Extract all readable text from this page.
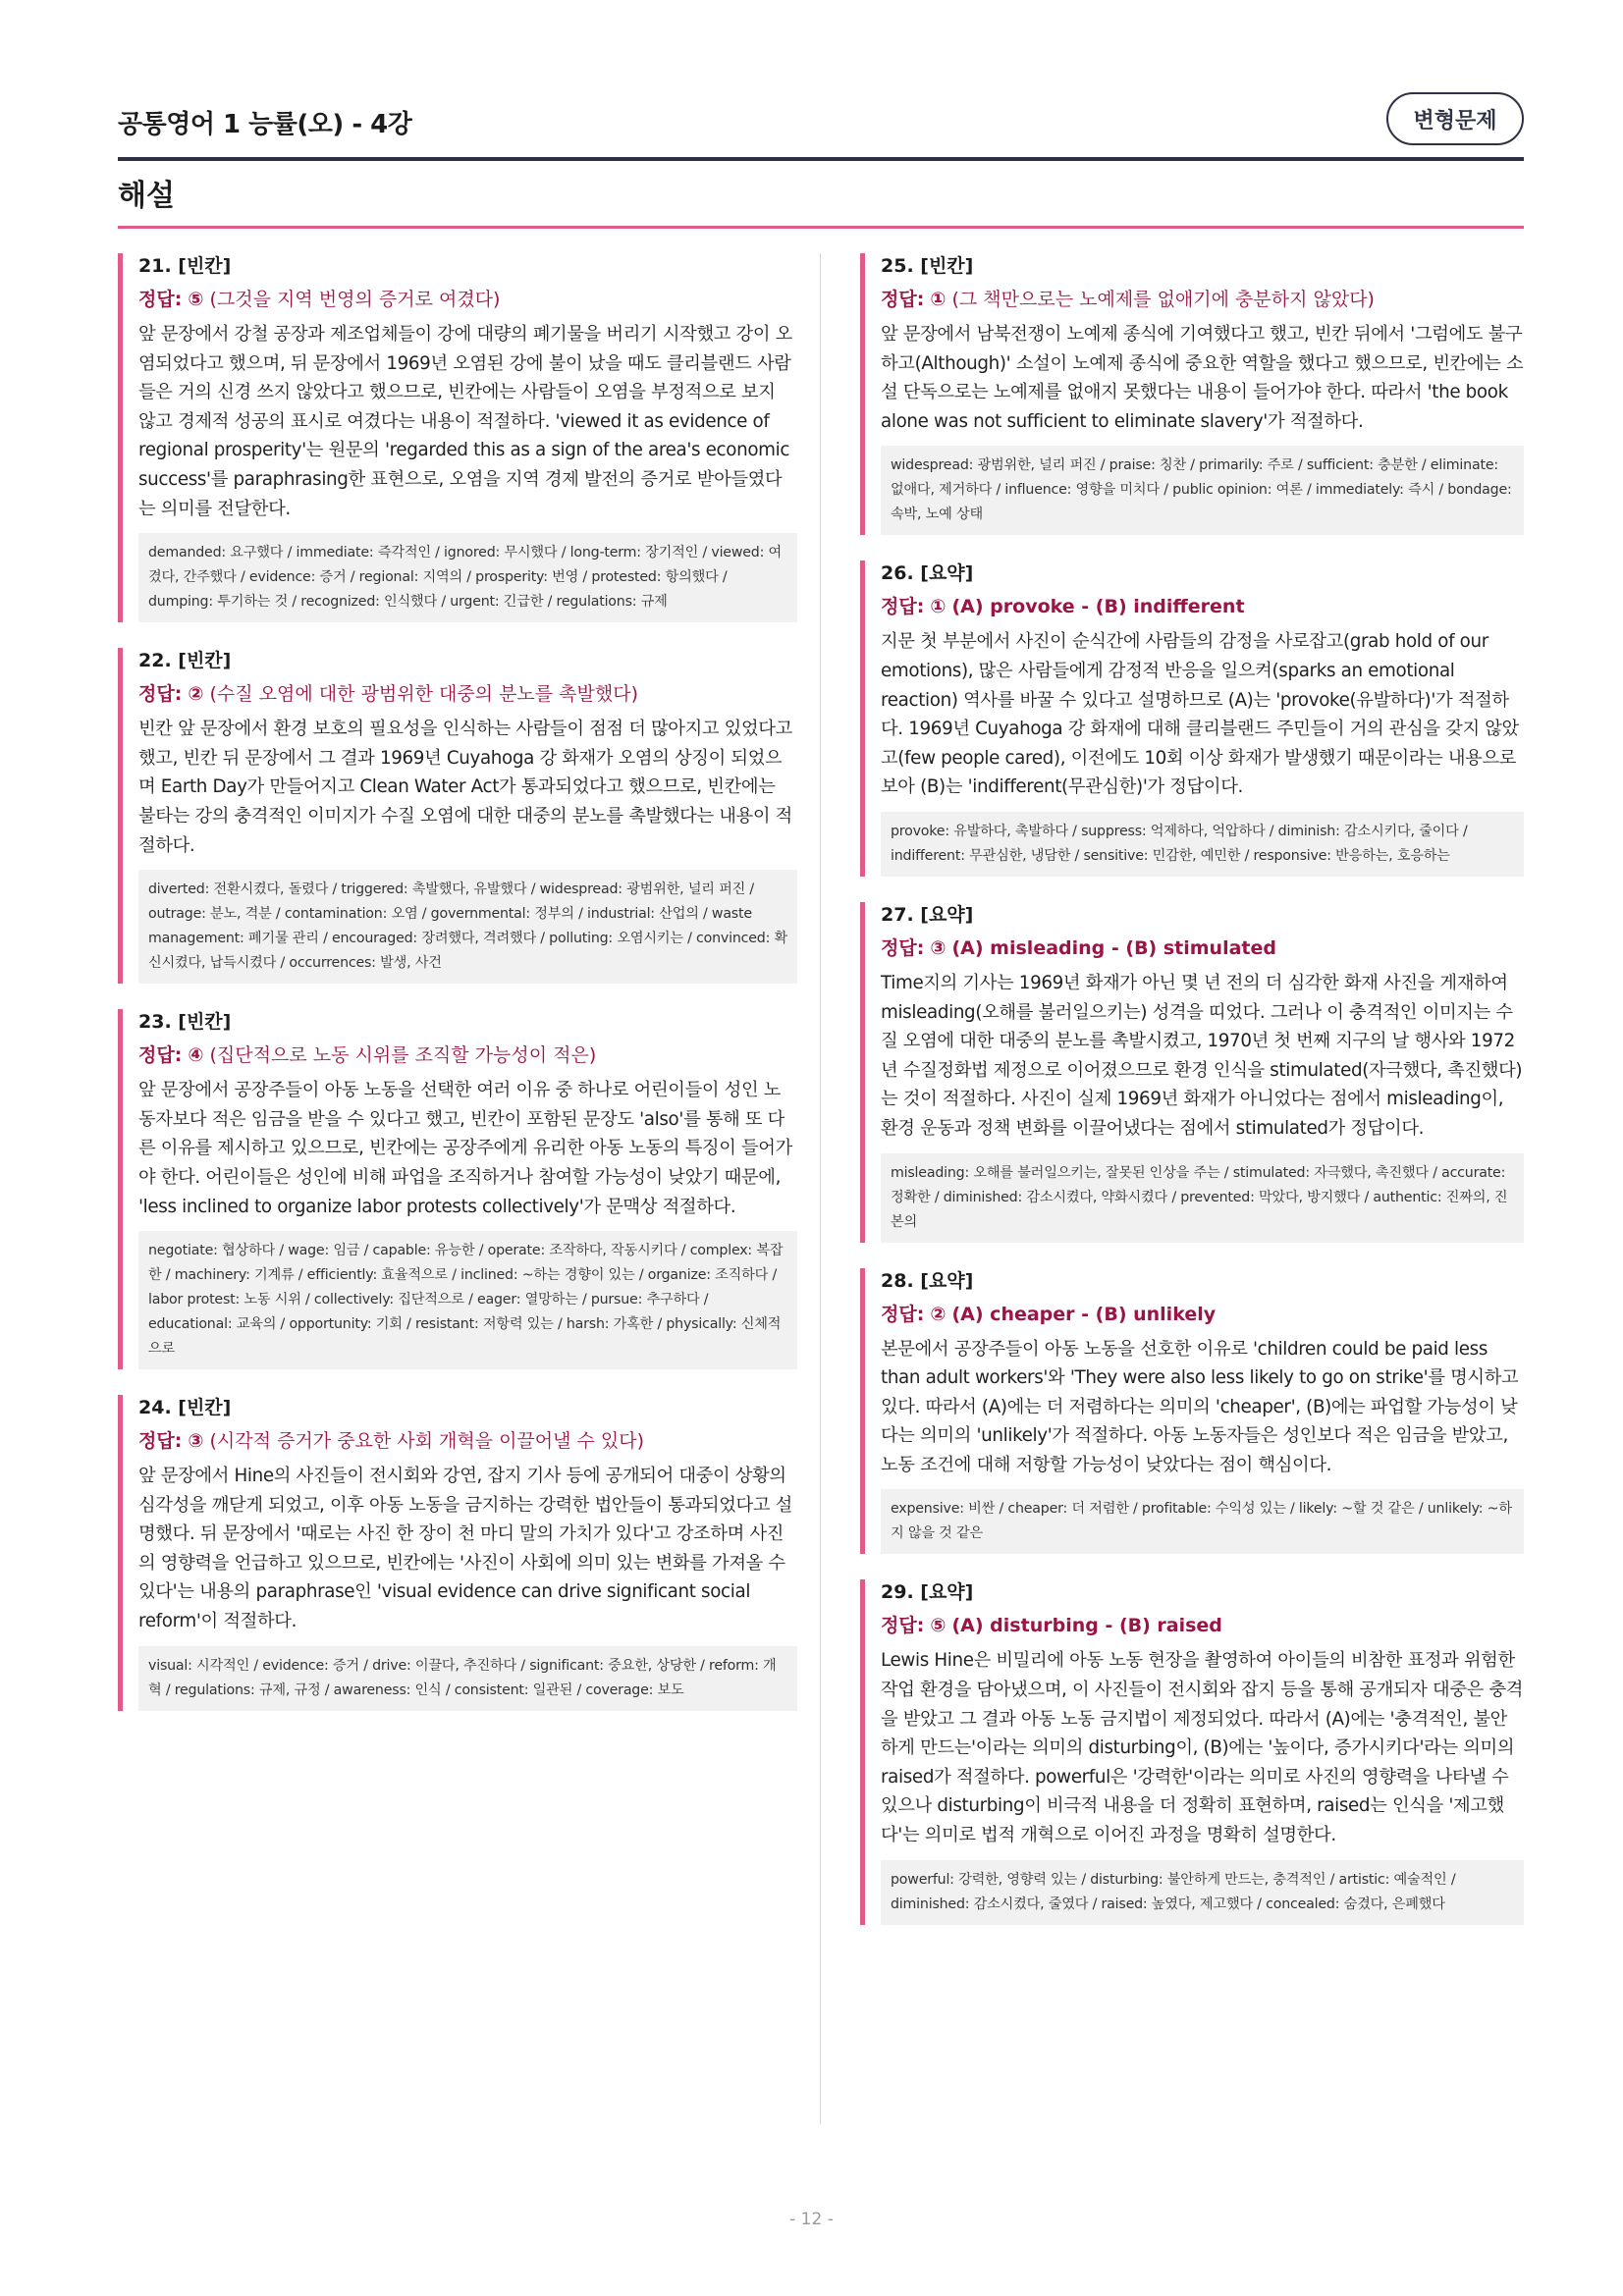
공통영어 1 능률(오) - 4강	변형문제
해설
21. [빈칸]
정답: ⑤ (그것을 지역 번영의 증거로 여겼다)

앞 문장에서 강철 공장과 제조업체들이 강에 대량의 폐기물을 버리기 시작했고 강이 오염되었다고 했으며, 뒤 문장에서 1969년 오염된 강에 불이 났을 때도 클리블랜드 사람들은 거의 신경 쓰지 않았다고 했으므로, 빈칸에는 사람들이 오염을 부정적으로 보지 않고 경제적 성공의 표시로 여겼다는 내용이 적절하다. 'viewed it as evidence of regional prosperity'는 원문의 'regarded this as a sign of the area's economic success'를 paraphrasing한 표현으로, 오염을 지역 경제 발전의 증거로 받아들였다는 의미를 전달한다.

demanded: 요구했다 / immediate: 즉각적인 / ignored: 무시했다 / long-term: 장기적인 / viewed: 여겼다, 간주했다 / evidence: 증거 / regional: 지역의 / prosperity: 번영 / protested: 항의했다 / dumping: 투기하는 것 / recognized: 인식했다 / urgent: 긴급한 / regulations: 규제
22. [빈칸]
정답: ② (수질 오염에 대한 광범위한 대중의 분노를 촉발했다)

빈칸 앞 문장에서 환경 보호의 필요성을 인식하는 사람들이 점점 더 많아지고 있었다고 했고, 빈칸 뒤 문장에서 그 결과 1969년 Cuyahoga 강 화재가 오염의 상징이 되었으며 Earth Day가 만들어지고 Clean Water Act가 통과되었다고 했으므로, 빈칸에는 불타는 강의 충격적인 이미지가 수질 오염에 대한 대중의 분노를 촉발했다는 내용이 적절하다.

diverted: 전환시켰다, 돌렸다 / triggered: 촉발했다, 유발했다 / widespread: 광범위한, 널리 퍼진 / outrage: 분노, 격분 / contamination: 오염 / governmental: 정부의 / industrial: 산업의 / waste management: 폐기물 관리 / encouraged: 장려했다, 격려했다 / polluting: 오염시키는 / convinced: 확신시켰다, 납득시켰다 / occurrences: 발생, 사건
23. [빈칸]
정답: ④ (집단적으로 노동 시위를 조직할 가능성이 적은)

앞 문장에서 공장주들이 아동 노동을 선택한 여러 이유 중 하나로 어린이들이 성인 노동자보다 적은 임금을 받을 수 있다고 했고, 빈칸이 포함된 문장도 'also'를 통해 또 다른 이유를 제시하고 있으므로, 빈칸에는 공장주에게 유리한 아동 노동의 특징이 들어가야 한다. 어린이들은 성인에 비해 파업을 조직하거나 참여할 가능성이 낮았기 때문에, 'less inclined to organize labor protests collectively'가 문맥상 적절하다.

negotiate: 협상하다 / wage: 임금 / capable: 유능한 / operate: 조작하다, 작동시키다 / complex: 복잡한 / machinery: 기계류 / efficiently: 효율적으로 / inclined: ~하는 경향이 있는 / organize: 조직하다 / labor protest: 노동 시위 / collectively: 집단적으로 / eager: 열망하는 / pursue: 추구하다 / educational: 교육의 / opportunity: 기회 / resistant: 저항력 있는 / harsh: 가혹한 / physically: 신체적으로
24. [빈칸]
정답: ③ (시각적 증거가 중요한 사회 개혁을 이끌어낼 수 있다)

앞 문장에서 Hine의 사진들이 전시회와 강연, 잡지 기사 등에 공개되어 대중이 상황의 심각성을 깨닫게 되었고, 이후 아동 노동을 금지하는 강력한 법안들이 통과되었다고 설명했다. 뒤 문장에서 '때로는 사진 한 장이 천 마디 말의 가치가 있다'고 강조하며 사진의 영향력을 언급하고 있으므로, 빈칸에는 '사진이 사회에 의미 있는 변화를 가져올 수 있다'는 내용의 paraphrase인 'visual evidence can drive significant social reform'이 적절하다.

visual: 시각적인 / evidence: 증거 / drive: 이끌다, 추진하다 / significant: 중요한, 상당한 / reform: 개혁 / regulations: 규제, 규정 / awareness: 인식 / consistent: 일관된 / coverage: 보도
25. [빈칸]
정답: ① (그 책만으로는 노예제를 없애기에 충분하지 않았다)

앞 문장에서 남북전쟁이 노예제 종식에 기여했다고 했고, 빈칸 뒤에서 '그럼에도 불구하고(Although)' 소설이 노예제 종식에 중요한 역할을 했다고 했으므로, 빈칸에는 소설 단독으로는 노예제를 없애지 못했다는 내용이 들어가야 한다. 따라서 'the book alone was not sufficient to eliminate slavery'가 적절하다.

widespread: 광범위한, 널리 퍼진 / praise: 칭찬 / primarily: 주로 / sufficient: 충분한 / eliminate: 없애다, 제거하다 / influence: 영향을 미치다 / public opinion: 여론 / immediately: 즉시 / bondage: 속박, 노예 상태
26. [요약]
정답: ① (A) provoke - (B) indifferent

지문 첫 부분에서 사진이 순식간에 사람들의 감정을 사로잡고(grab hold of our emotions), 많은 사람들에게 감정적 반응을 일으켜(sparks an emotional reaction) 역사를 바꿀 수 있다고 설명하므로 (A)는 'provoke(유발하다)'가 적절하다. 1969년 Cuyahoga 강 화재에 대해 클리블랜드 주민들이 거의 관심을 갖지 않았고(few people cared), 이전에도 10회 이상 화재가 발생했기 때문이라는 내용으로 보아 (B)는 'indifferent(무관심한)'가 정답이다.

provoke: 유발하다, 촉발하다 / suppress: 억제하다, 억압하다 / diminish: 감소시키다, 줄이다 / indifferent: 무관심한, 냉담한 / sensitive: 민감한, 예민한 / responsive: 반응하는, 호응하는
27. [요약]
정답: ③ (A) misleading - (B) stimulated

Time지의 기사는 1969년 화재가 아닌 몇 년 전의 더 심각한 화재 사진을 게재하여 misleading(오해를 불러일으키는) 성격을 띠었다. 그러나 이 충격적인 이미지는 수질 오염에 대한 대중의 분노를 촉발시켰고, 1970년 첫 번째 지구의 날 행사와 1972년 수질정화법 제정으로 이어졌으므로 환경 인식을 stimulated(자극했다, 촉진했다)는 것이 적절하다. 사진이 실제 1969년 화재가 아니었다는 점에서 misleading이, 환경 운동과 정책 변화를 이끌어냈다는 점에서 stimulated가 정답이다.

misleading: 오해를 불러일으키는, 잘못된 인상을 주는 / stimulated: 자극했다, 촉진했다 / accurate: 정확한 / diminished: 감소시켰다, 약화시켰다 / prevented: 막았다, 방지했다 / authentic: 진짜의, 진본의
28. [요약]
정답: ② (A) cheaper - (B) unlikely

본문에서 공장주들이 아동 노동을 선호한 이유로 'children could be paid less than adult workers'와 'They were also less likely to go on strike'를 명시하고 있다. 따라서 (A)에는 더 저렴하다는 의미의 'cheaper', (B)에는 파업할 가능성이 낮다는 의미의 'unlikely'가 적절하다. 아동 노동자들은 성인보다 적은 임금을 받았고, 노동 조건에 대해 저항할 가능성이 낮았다는 점이 핵심이다.

expensive: 비싼 / cheaper: 더 저렴한 / profitable: 수익성 있는 / likely: ~할 것 같은 / unlikely: ~하지 않을 것 같은
29. [요약]
정답: ⑤ (A) disturbing - (B) raised

Lewis Hine은 비밀리에 아동 노동 현장을 촬영하여 아이들의 비참한 표정과 위험한 작업 환경을 담아냈으며, 이 사진들이 전시회와 잡지 등을 통해 공개되자 대중은 충격을 받았고 그 결과 아동 노동 금지법이 제정되었다. 따라서 (A)에는 '충격적인, 불안하게 만드는'이라는 의미의 disturbing이, (B)에는 '높이다, 증가시키다'라는 의미의 raised가 적절하다. powerful은 '강력한'이라는 의미로 사진의 영향력을 나타낼 수 있으나 disturbing이 비극적 내용을 더 정확히 표현하며, raised는 인식을 '제고했다'는 의미로 법적 개혁으로 이어진 과정을 명확히 설명한다.

powerful: 강력한, 영향력 있는 / disturbing: 불안하게 만드는, 충격적인 / artistic: 예술적인 / diminished: 감소시켰다, 줄였다 / raised: 높였다, 제고했다 / concealed: 숨겼다, 은폐했다
- 12 -
